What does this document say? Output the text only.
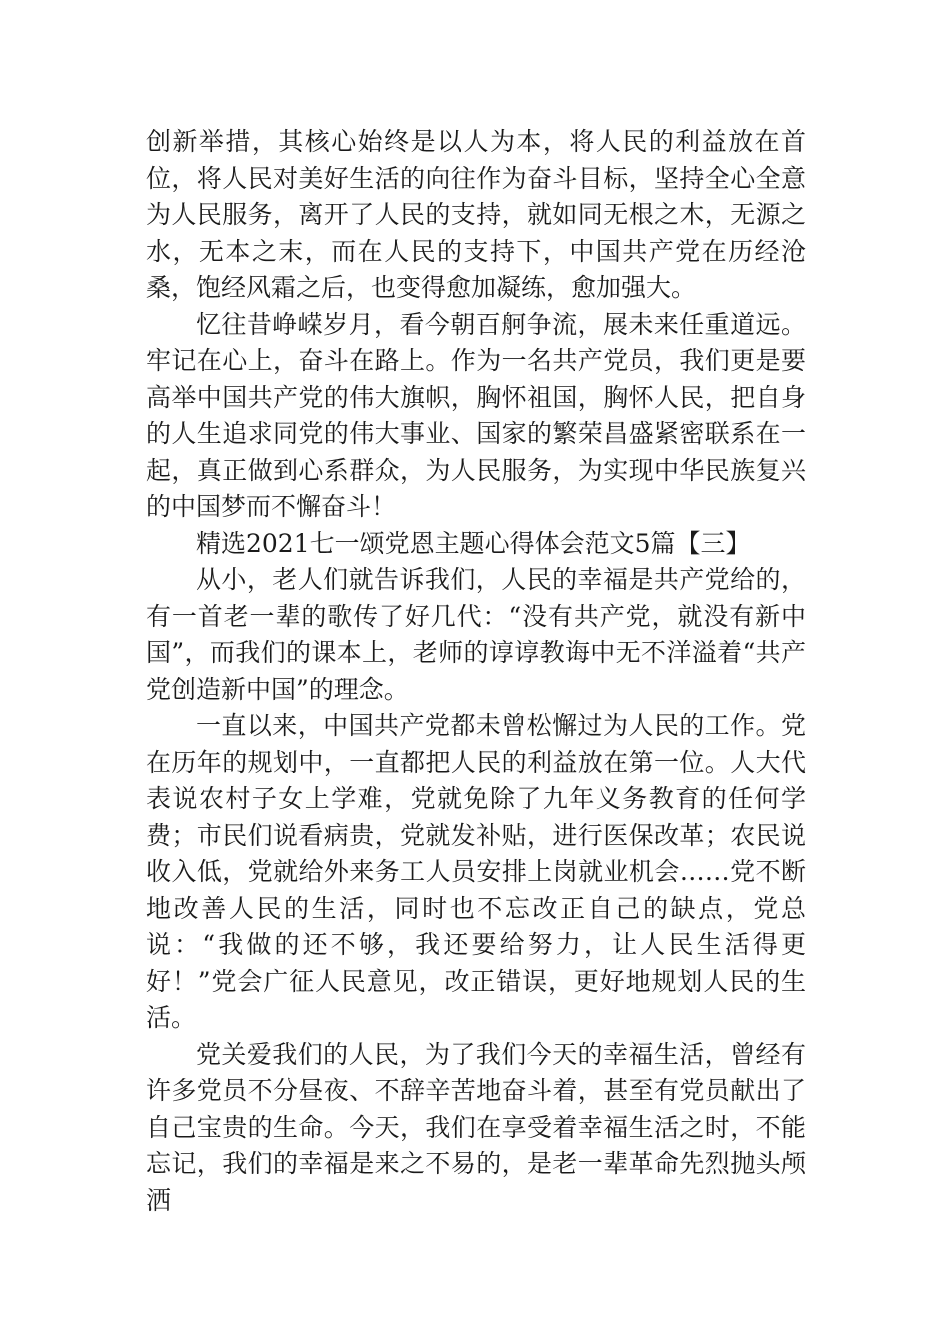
创新举措，其核心始终是以人为本，将人民的利益放在首位，将人民对美好生活的向往作为奋斗目标，坚持全心全意为人民服务，离开了人民的支持，就如同无根之木，无源之水，无本之末，而在人民的支持下，中国共产党在历经沧桑，饱经风霜之后，也变得愈加凝练，愈加强大。

忆往昔峥嵘岁月，看今朝百舸争流，展未来任重道远。牢记在心上，奋斗在路上。作为一名共产党员，我们更是要高举中国共产党的伟大旗帜，胸怀祖国，胸怀人民，把自身的人生追求同党的伟大事业、国家的繁荣昌盛紧密联系在一起，真正做到心系群众，为人民服务，为实现中华民族复兴的中国梦而不懈奋斗！

精选2021七一颂党恩主题心得体会范文5篇【三】

从小，老人们就告诉我们，人民的幸福是共产党给的，有一首老一辈的歌传了好几代：“没有共产党，就没有新中国”，而我们的课本上，老师的谆谆教诲中无不洋溢着“共产党创造新中国”的理念。

一直以来，中国共产党都未曾松懈过为人民的工作。党在历年的规划中，一直都把人民的利益放在第一位。人大代表说农村子女上学难，党就免除了九年义务教育的任何学费；市民们说看病贵，党就发补贴，进行医保改革；农民说收入低，党就给外来务工人员安排上岗就业机会……党不断地改善人民的生活，同时也不忘改正自己的缺点，党总说：“我做的还不够，我还要给努力，让人民生活得更好！”党会广征人民意见，改正错误，更好地规划人民的生活。

党关爱我们的人民，为了我们今天的幸福生活，曾经有许多党员不分昼夜、不辞辛苦地奋斗着，甚至有党员献出了自己宝贵的生命。今天，我们在享受着幸福生活之时，不能忘记，我们的幸福是来之不易的，是老一辈革命先烈抛头颅洒
